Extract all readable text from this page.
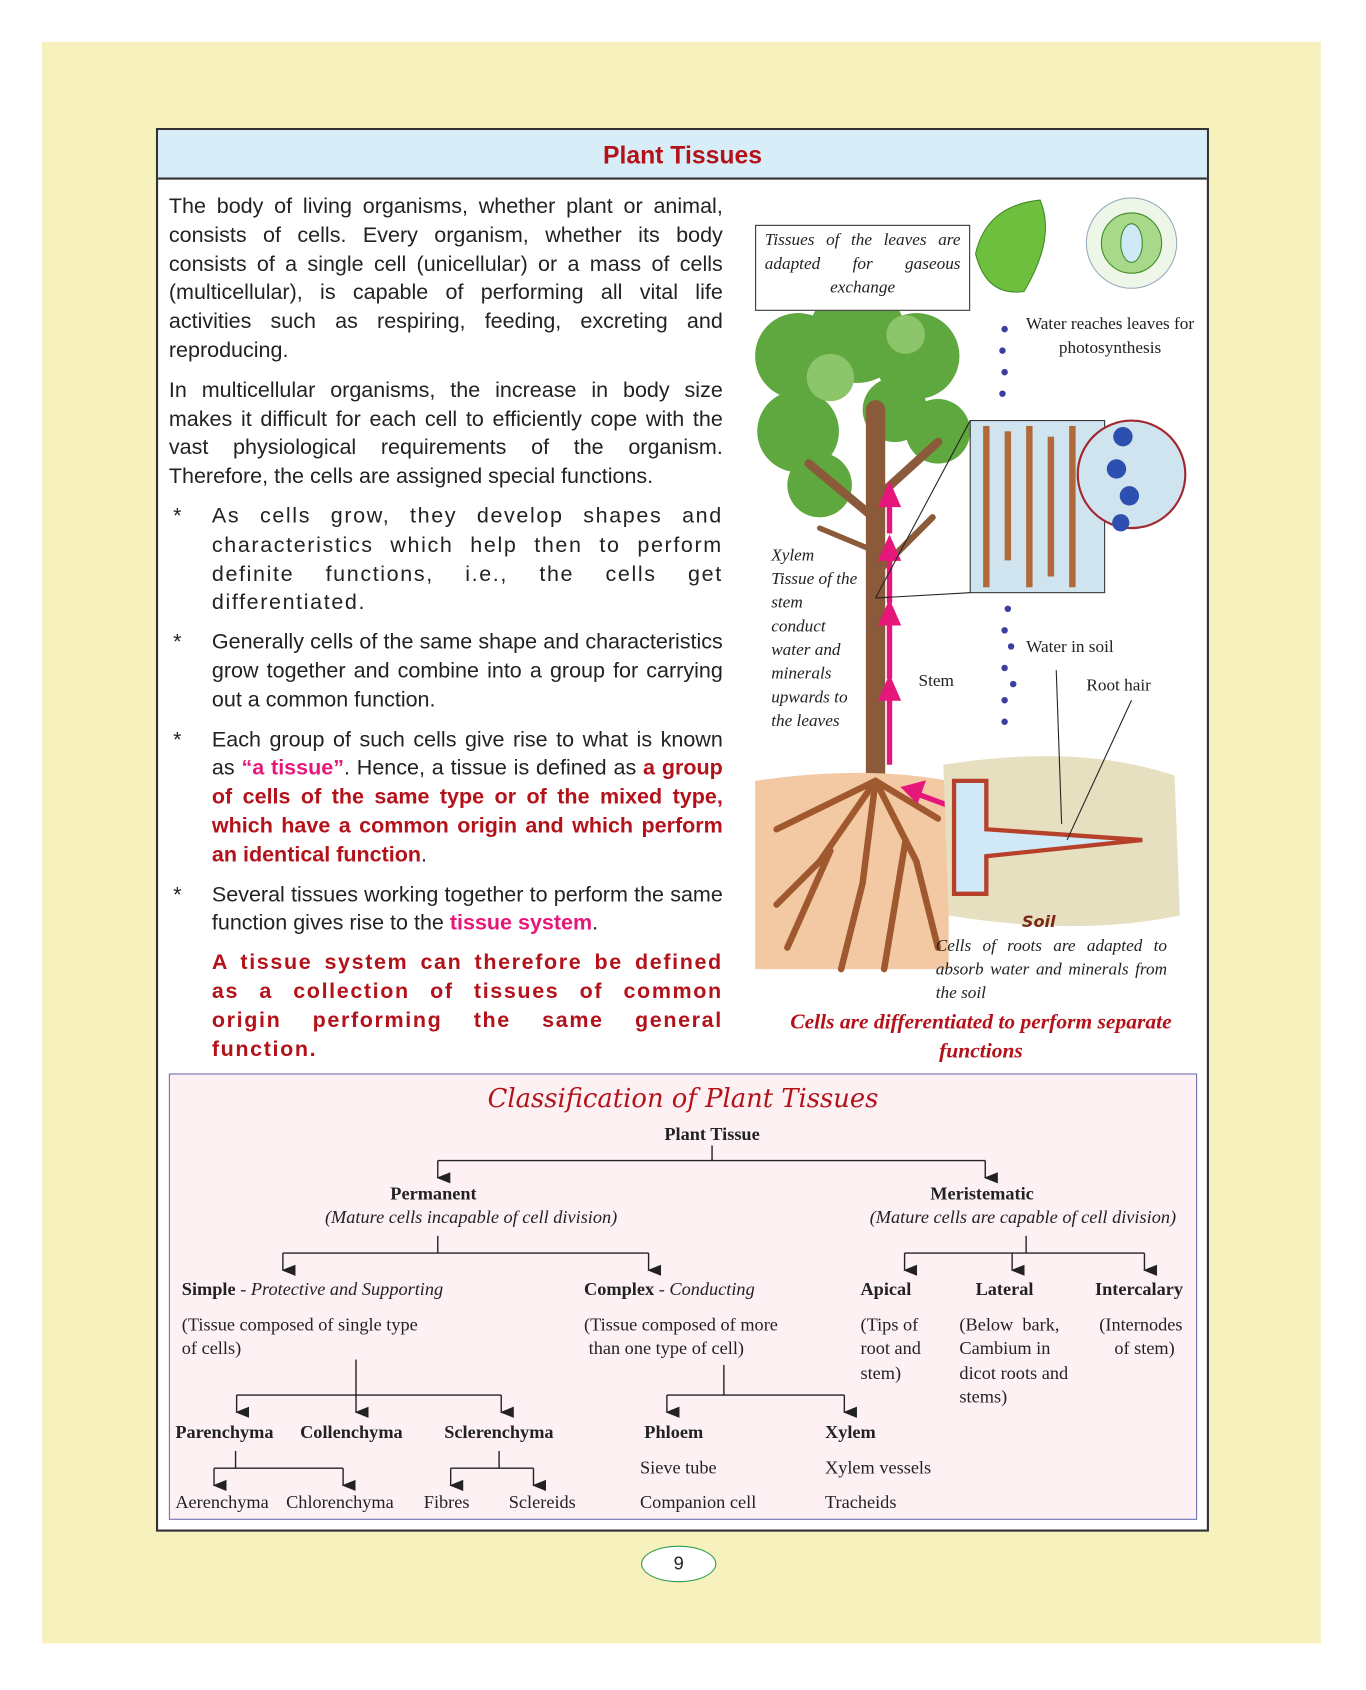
Plant Tissues

The body of living organisms, whether plant or animal, consists of cells. Every organism, whether its body consists of a single cell (unicellular) or a mass of cells (multicellular), is capable of performing all vital life activities such as respiring, feeding, excreting and reproducing.

In multicellular organisms, the increase in body size makes it difficult for each cell to efficiently cope with the vast physiological requirements of the organism. Therefore, the cells are assigned special functions.

* As cells grow, they develop shapes and characteristics which help then to perform definite functions, i.e., the cells get differentiated.
* Generally cells of the same shape and characteristics grow together and combine into a group for carrying out a common function.
* Each group of such cells give rise to what is known as “a tissue”. Hence, a tissue is defined as a group of cells of the same type or of the mixed type, which have a common origin and which perform an identical function.
* Several tissues working together to perform the same function gives rise to the tissue system.
A tissue system can therefore be defined as a collection of tissues of common origin performing the same general function.
Tissues of the leaves are adapted for gaseous exchange
Water reaches leaves for photosynthesis
Xylem Tissue of the stem conduct water and minerals upwards to the leaves
Stem
Water in soil
Root hair
Soil
Cells of roots are adapted to absorb water and minerals from the soil
Cells are differentiated to perform separate functions
Classification of Plant Tissues
Plant Tissue
Permanent
(Mature cells incapable of cell division)
Meristematic
(Mature cells are capable of cell division)
Simple - Protective and Supporting
(Tissue composed of single type
of cells)
Complex - Conducting
(Tissue composed of more
than one type of cell)
Apical
(Tips of
root and
stem)
Lateral
(Below  bark,
Cambium in
dicot roots and
stems)
Intercalary
(Internodes
of stem)
Parenchyma Collenchyma Sclerenchyma	Phloem	Xylem
Sieve tube	Xylem vessels
Aerenchyma Chlorenchyma Fibres Sclereids	Companion cell	Tracheids
9
